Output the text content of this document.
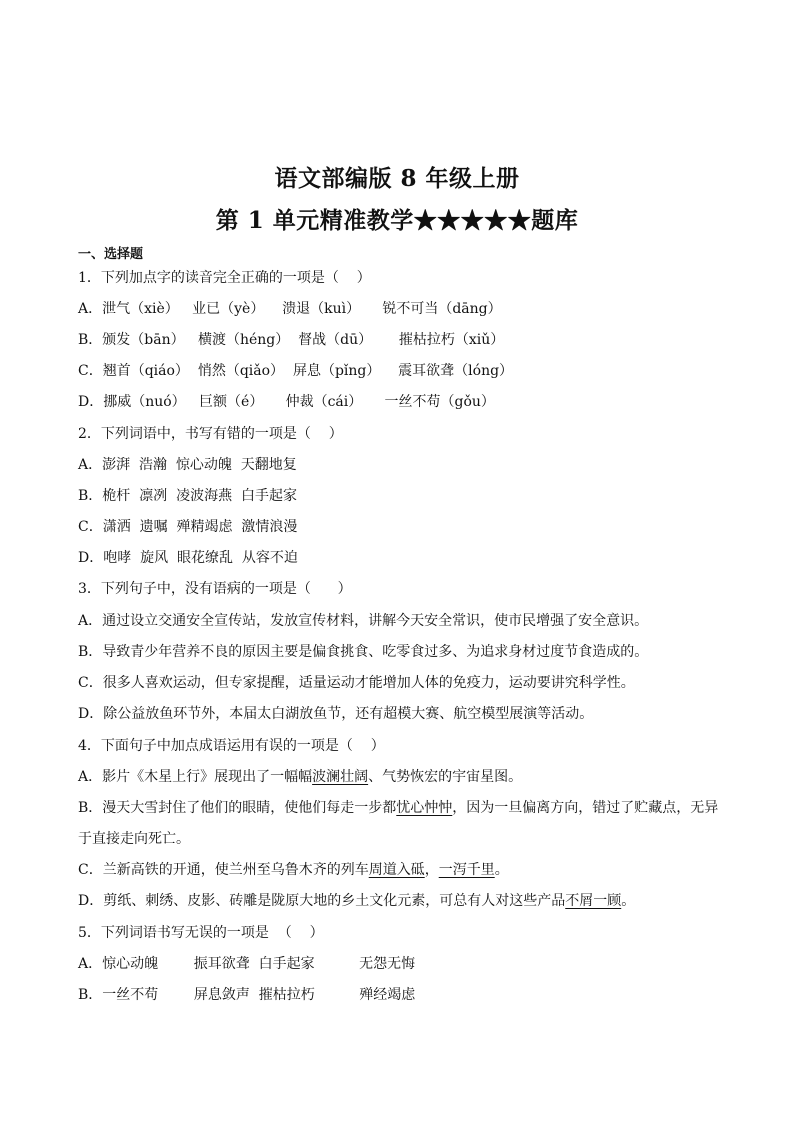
语文部编版 8 年级上册
第 1 单元精准教学★★★★★题库
一、选择题
1．下列加点字的读音完全正确的一项是（    ）
A．泄气（xiè）   业已（yè）    溃退（kuì）     锐不可当（dāng）
B．颁发（bān）   横渡（héng）  督战（dū）      摧枯拉朽（xiǔ）
C．翘首（qiáo）  悄然（qiǎo）  屏息（pǐng）    震耳欲聋（lóng）
D．挪威（nuó）   巨额（é）     仲裁（cái）     一丝不苟（gǒu）
2．下列词语中，书写有错的一项是（    ）
A．澎湃  浩瀚  惊心动魄  天翻地复
B．桅杆  凛冽  凌波海燕  白手起家
C．潇洒  遗嘱  殚精竭虑  激情浪漫
D．咆哮  旋风  眼花缭乱  从容不迫
3．下列句子中，没有语病的一项是（      ）
A．通过设立交通安全宣传站，发放宣传材料，讲解今天安全常识，使市民增强了安全意识。
B．导致青少年营养不良的原因主要是偏食挑食、吃零食过多、为追求身材过度节食造成的。
C．很多人喜欢运动，但专家提醒，适量运动才能增加人体的免疫力，运动要讲究科学性。
D．除公益放鱼环节外，本届太白湖放鱼节，还有超模大赛、航空模型展演等活动。
4．下面句子中加点成语运用有误的一项是（    ）
A．影片《木星上行》展现出了一幅幅波澜壮阔、气势恢宏的宇宙星图。
B．漫天大雪封住了他们的眼睛，使他们每走一步都忧心忡忡，因为一旦偏离方向，错过了贮藏点，无异
于直接走向死亡。
C．兰新高铁的开通，使兰州至乌鲁木齐的列车周道入砥，一泻千里。
D．剪纸、刺绣、皮影、砖雕是陇原大地的乡土文化元素，可总有人对这些产品不屑一顾。
5．下列词语书写无误的一项是  （    ）
A．惊心动魄        振耳欲聋  白手起家          无怨无悔
B．一丝不苟        屏息敛声  摧枯拉朽          殚经竭虑
